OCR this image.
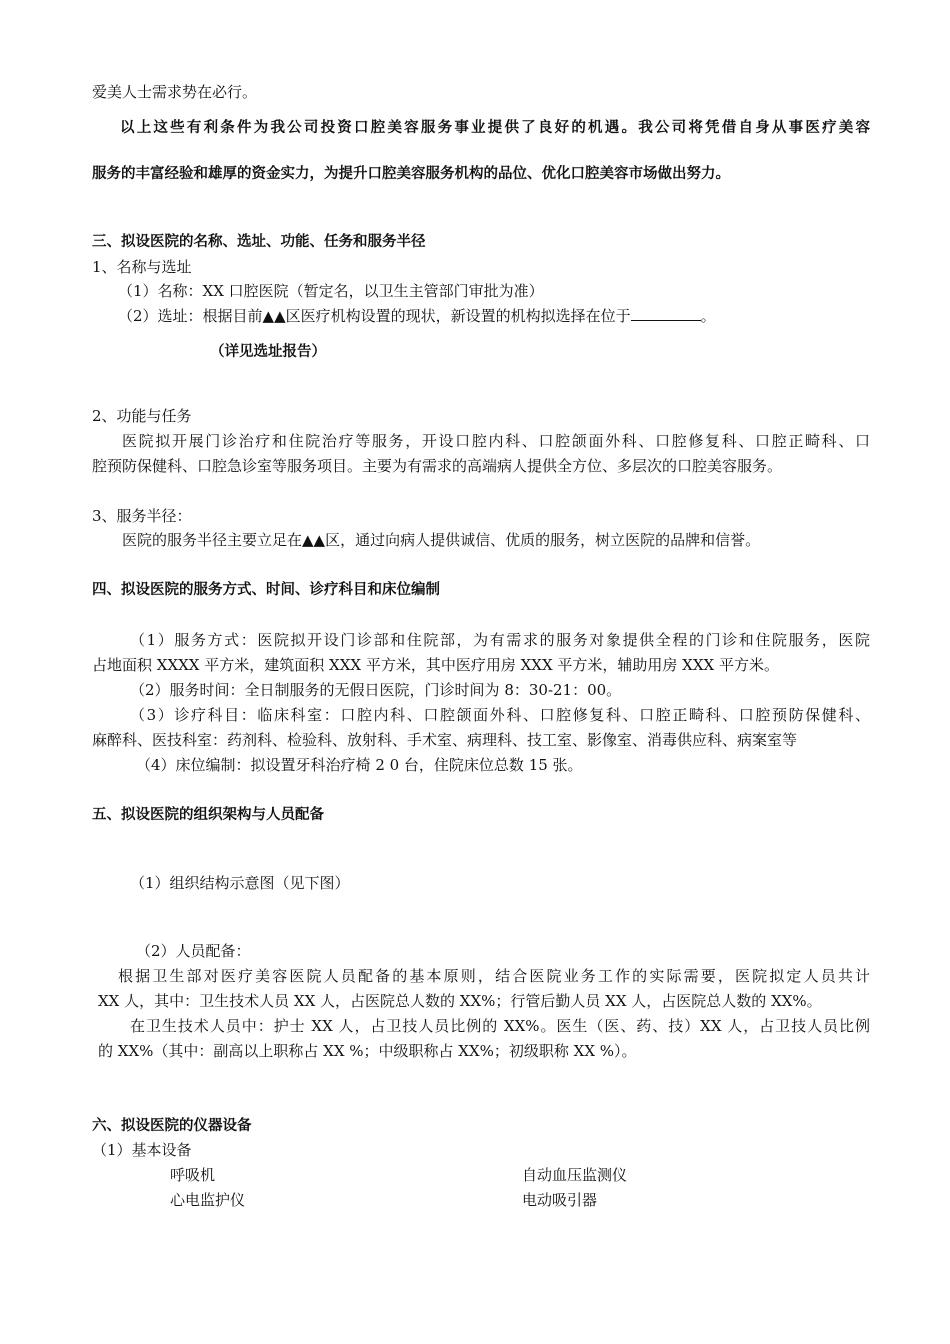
爱美人士需求势在必行。
以上这些有利条件为我公司投资口腔美容服务事业提供了良好的机遇。我公司将凭借自身从事医疗美容
服务的丰富经验和雄厚的资金实力，为提升口腔美容服务机构的品位、优化口腔美容市场做出努力。
三、拟设医院的名称、选址、功能、任务和服务半径
1、名称与选址
（1）名称：XX 口腔医院（暂定名，以卫生主管部门审批为准）
（2）选址：根据目前▲▲区医疗机构设置的现状，新设置的机构拟选择在位于	。
（详见选址报告）
2、功能与任务
医院拟开展门诊治疗和住院治疗等服务，开设口腔内科、口腔颌面外科、口腔修复科、口腔正畸科、口
腔预防保健科、口腔急诊室等服务项目。主要为有需求的高端病人提供全方位、多层次的口腔美容服务。
3、服务半径：
医院的服务半径主要立足在▲▲区，通过向病人提供诚信、优质的服务，树立医院的品牌和信誉。
四、拟设医院的服务方式、时间、诊疗科目和床位编制
（1）服务方式：医院拟开设门诊部和住院部，为有需求的服务对象提供全程的门诊和住院服务，医院
占地面积 XXXX 平方米，建筑面积 XXX 平方米，其中医疗用房 XXX 平方米，辅助用房 XXX 平方米。
（2）服务时间：全日制服务的无假日医院，门诊时间为 8：30-21：00。
（3）诊疗科目：临床科室：口腔内科、口腔颌面外科、口腔修复科、口腔正畸科、口腔预防保健科、
麻醉科、医技科室：药剂科、检验科、放射科、手术室、病理科、技工室、影像室、消毒供应科、病案室等
（4）床位编制：拟设置牙科治疗椅 2 0 台，住院床位总数 15 张。
五、拟设医院的组织架构与人员配备
（1）组织结构示意图（见下图）
（2）人员配备：
根据卫生部对医疗美容医院人员配备的基本原则，结合医院业务工作的实际需要，医院拟定人员共计
XX 人，其中：卫生技术人员 XX 人，占医院总人数的 XX%；行管后勤人员 XX 人，占医院总人数的 XX%。
在卫生技术人员中：护士 XX 人，占卫技人员比例的 XX%。医生（医、药、技）XX 人，占卫技人员比例
的 XX%（其中：副高以上职称占 XX %；中级职称占 XX%；初级职称 XX %）。
六、拟设医院的仪器设备
（1）基本设备
呼吸机	自动血压监测仪
心电监护仪	电动吸引器
